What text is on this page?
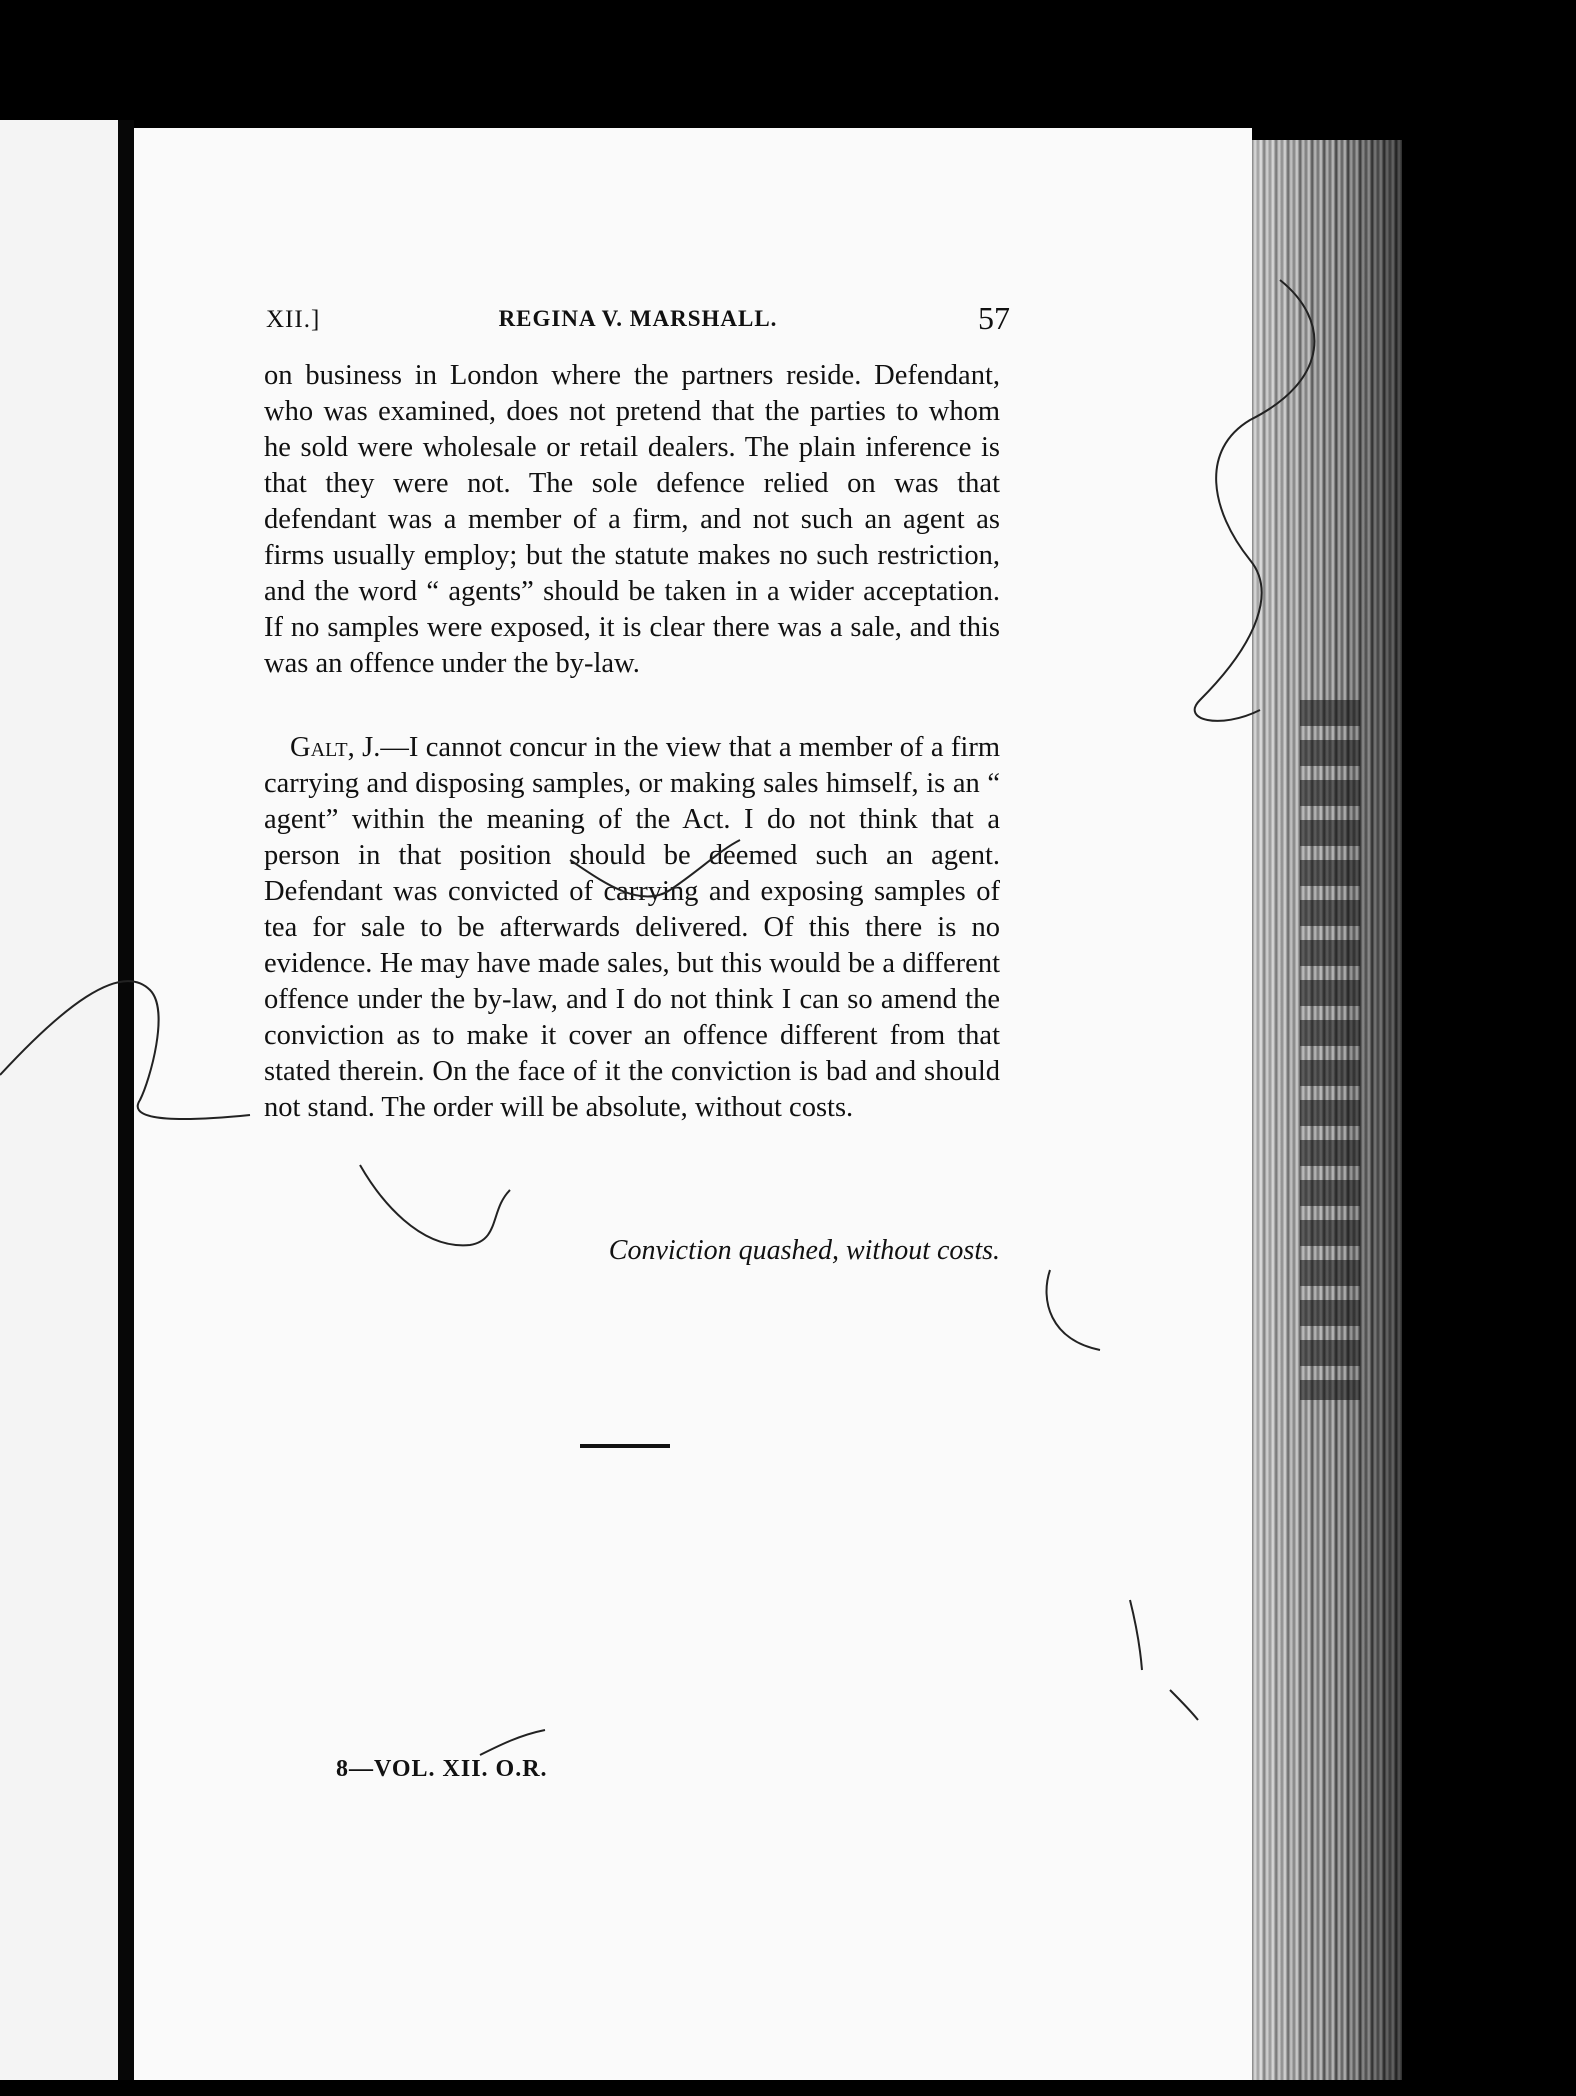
XII.]	REGINA V. MARSHALL.	57

on business in London where the partners reside. Defendant, who was examined, does not pretend that the parties to whom he sold were wholesale or retail dealers. The plain inference is that they were not. The sole defence relied on was that defendant was a member of a firm, and not such an agent as firms usually employ; but the statute makes no such restriction, and the word “ agents” should be taken in a wider acceptation. If no samples were exposed, it is clear there was a sale, and this was an offence under the by-law.

Galt, J.—I cannot concur in the view that a member of a firm carrying and disposing samples, or making sales himself, is an “ agent” within the meaning of the Act. I do not think that a person in that position should be deemed such an agent. Defendant was convicted of carrying and exposing samples of tea for sale to be afterwards delivered. Of this there is no evidence. He may have made sales, but this would be a different offence under the by-law, and I do not think I can so amend the conviction as to make it cover an offence different from that stated therein. On the face of it the conviction is bad and should not stand. The order will be absolute, without costs.

Conviction quashed, without costs.
8—VOL. XII. O.R.
